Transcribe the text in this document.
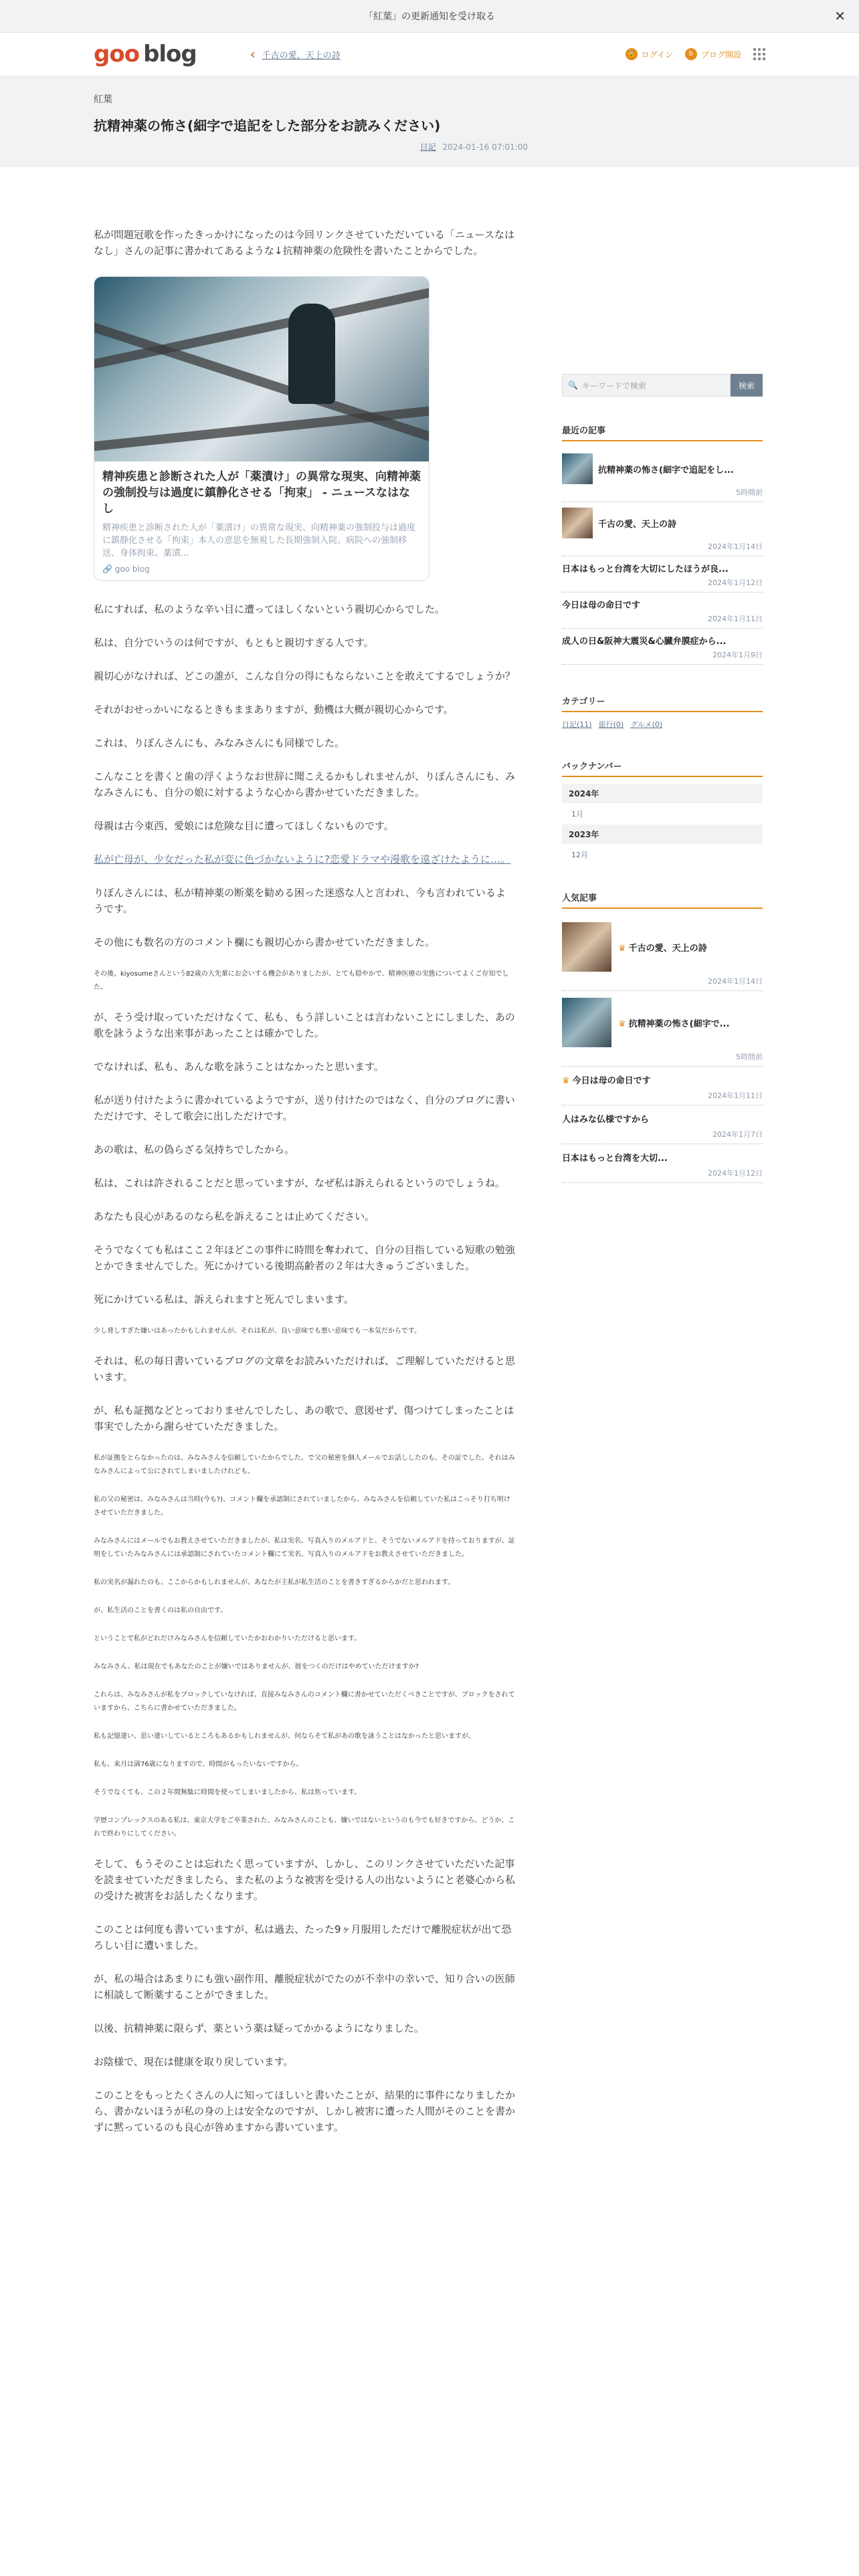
「紅葉」の更新通知を受け取る	✕
goo blog	‹ 千古の愛、天上の詩	🔒 ログイン	b ブログ開設
紅葉
抗精神薬の怖さ(細字で追記をした部分をお読みください)
日記 2024-01-16 07:01:00

私が問題冠歌を作ったきっかけになったのは今回リンクさせていただいている「ニュースなはなし」さんの記事に書かれてあるような↓抗精神薬の危険性を書いたことからでした。

精神疾患と診断された人が「薬漬け」の異常な現実、向精神薬の強制投与は過度に鎮静化させる「拘束」 - ニュースなはなし
精神疾患と診断された人が「薬漬け」の異常な現実、向精神薬の強制投与は過度に鎮静化させる「拘束」本人の意思を無視した長期強制入院、病院への強制移送、身体拘束、薬漬...
🔗 goo blog

私にすれば、私のような辛い目に遭ってほしくないという親切心からでした。

私は、自分でいうのは何ですが、もともと親切すぎる人です。

親切心がなければ、どこの誰が、こんな自分の得にもならないことを敢えてするでしょうか？

それがおせっかいになるときもままありますが、動機は大概が親切心からです。

これは、りぼんさんにも、みなみさんにも同様でした。

こんなことを書くと歯の浮くようなお世辞に聞こえるかもしれませんが、りぼんさんにも、みなみさんにも、自分の娘に対するような心から書かせていただきました。

母親は古今東西、愛娘には危険な目に遭ってほしくないものです。

私が亡母が、少女だった私が変に色づかないように?恋愛ドラマや漫歌を遠ざけたように…。

りぼんさんには、私が精神薬の断薬を勧める困った迷惑な人と言われ、今も言われているようです。

その他にも数名の方のコメント欄にも親切心から書かせていただきました。

その後、kiyosumeさんという82歳の大先輩にお会いする機会がありましたが、とても穏やかで、精神医療の実態についてよくご存知でした。

が、そう受け取っていただけなくて、私も、もう詳しいことは言わないことにしました、あの歌を詠うような出来事があったことは確かでした。

でなければ、私も、あんな歌を詠うことはなかったと思います。

私が送り付けたように書かれているようですが、送り付けたのではなく、自分のブログに書いただけです、そして歌会に出しただけです。

あの歌は、私の偽らざる気持ちでしたから。

私は、これは許されることだと思っていますが、なぜ私は訴えられるというのでしょうね。

あなたも良心があるのなら私を訴えることは止めてください。

そうでなくても私はここ２年ほどこの事件に時間を奪われて、自分の目指している短歌の勉強とかできませんでした。死にかけている後期高齢者の２年は大きゅうございました。

死にかけている私は、訴えられますと死んでしまいます。

少し脅しすぎた嫌いはあったかもしれませんが、それは私が、良い意味でも悪い意味でも一本気だからです。

それは、私の毎日書いているブログの文章をお読みいただければ、ご理解していただけると思います。

が、私も証拠などとっておりませんでしたし、あの歌で、意図せず、傷つけてしまったことは事実でしたから謝らせていただきました。

私が証拠をとらなかったのは、みなみさんを信頼していたからでした。で父の秘密を個人メールでお話ししたのも、その証でした。それはみなみさんによって公にされてしまいましたけれども。

私の父の秘密は、みなみさんは当時(今も?)、コメント欄を承認制にされていましたから、みなみさんを信頼していた私はこっそり打ち明けさせていただきました。

みなみさんにはメールでもお教えさせていただきましたが、私は実名、写真入りのメルアドと、そうでないメルアドを持っておりますが、証明をしていたみなみさんには承認制にされていたコメント欄にて実名、写真入りのメルアドをお教えさせていただきました。

私の実名が漏れたのも、ここからかもしれませんが、あなたが主私が私生活のことを書きすぎるからかだと思われます。

が、私生活のことを書くのは私の自由です。

ということで私がどれだけみなみさんを信頼していたかおわかりいただけると思います。

みなみさん、私は現在でもあなたのことが嫌いではありませんが、彼をつくのだけはやめていただけますか?

これらは、みなみさんが私をブロックしていなければ、直接みなみさんのコメント欄に書かせていただくべきことですが、ブロックをされていますから、こちらに書かせていただきました。

私も記憶違い、思い違いしているところもあるかもしれませんが、何ならそて私があの歌を詠うことはなかったと思いますが。

私も、来月は満76歳になりますので、時間がもったいないですから。

そうでなくても、この２年間無駄に時間を使ってしまいましたから、私は焦っています。

学歴コンプレックスのある私は、東京大学をご卒業された、みなみさんのことも、嫌いではないというのも今でも好きですから、どうか、これで終わりにしてください。

そして、もうそのことは忘れたく思っていますが、しかし、このリンクさせていただいた記事を読ませていただきましたら、また私のような被害を受ける人の出ないようにと老婆心から私の受けた被害をお話したくなります。

このことは何度も書いていますが、私は過去、たった9ヶ月服用しただけで離脱症状が出て恐ろしい目に遭いました。

が、私の場合はあまりにも強い副作用、離脱症状がでたのが不幸中の幸いで、知り合いの医師に相談して断薬することができました。

以後、抗精神薬に限らず、薬という薬は疑ってかかるようになりました。

お陰様で、現在は健康を取り戻しています。

このことをもっとたくさんの人に知ってほしいと書いたことが、結果的に事件になりましたから、書かないほうが私の身の上は安全なのですが、しかし被害に遭った人間がそのことを書かずに黙っているのも良心が咎めますから書いています。

🔍 キーワードで検索	検索
最近の記事
抗精神薬の怖さ(細字で追記をし...
5時間前
千古の愛、天上の詩
2024年1月14日
日本はもっと台湾を大切にしたほうが良...
2024年1月12日
今日は母の命日です
2024年1月11日
成人の日&阪神大震災&心臓弁膜症から...
2024年1月9日
カテゴリー
日記(11) 旅行(0) グルメ(0)
バックナンバー
2024年
1月
2023年
12月
人気記事
♛ 千古の愛、天上の詩
2024年1月14日
♛ 抗精神薬の怖さ(細字で...
5時間前
♛ 今日は母の命日です
2024年1月11日
人はみな仏様ですから
2024年1月7日
日本はもっと台湾を大切...
2024年1月12日
